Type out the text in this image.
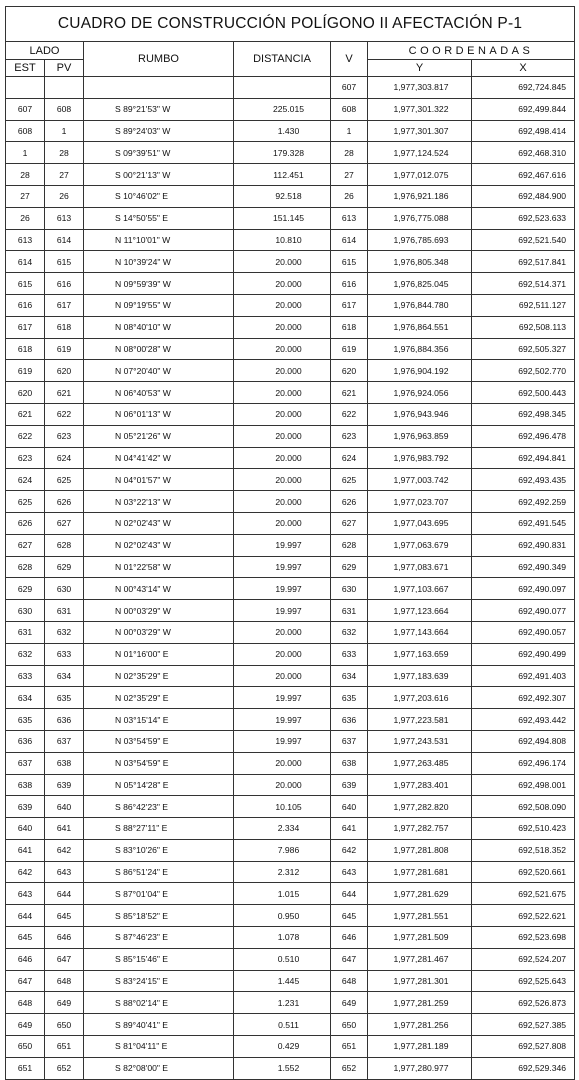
CUADRO DE CONSTRUCCIÓN POLÍGONO II AFECTACIÓN P-1						
LADO		RUMBO	DISTANCIA	V	COORDENADAS	
EST	PV				Y	X
				607	1,977,303.817	692,724.845
607	608	S 89°21'53" W	225.015	608	1,977,301.322	692,499.844
608	1	S 89°24'03" W	1.430	1	1,977,301.307	692,498.414
1	28	S 09°39'51" W	179.328	28	1,977,124.524	692,468.310
28	27	S 00°21'13" W	112.451	27	1,977,012.075	692,467.616
27	26	S 10°46'02" E	92.518	26	1,976,921.186	692,484.900
26	613	S 14°50'55" E	151.145	613	1,976,775.088	692,523.633
613	614	N 11°10'01" W	10.810	614	1,976,785.693	692,521.540
614	615	N 10°39'24" W	20.000	615	1,976,805.348	692,517.841
615	616	N 09°59'39" W	20.000	616	1,976,825.045	692,514.371
616	617	N 09°19'55" W	20.000	617	1,976,844.780	692,511.127
617	618	N 08°40'10" W	20.000	618	1,976,864.551	692,508.113
618	619	N 08°00'28" W	20.000	619	1,976,884.356	692,505.327
619	620	N 07°20'40" W	20.000	620	1,976,904.192	692,502.770
620	621	N 06°40'53" W	20.000	621	1,976,924.056	692,500.443
621	622	N 06°01'13" W	20.000	622	1,976,943.946	692,498.345
622	623	N 05°21'26" W	20.000	623	1,976,963.859	692,496.478
623	624	N 04°41'42" W	20.000	624	1,976,983.792	692,494.841
624	625	N 04°01'57" W	20.000	625	1,977,003.742	692,493.435
625	626	N 03°22'13" W	20.000	626	1,977,023.707	692,492.259
626	627	N 02°02'43" W	20.000	627	1,977,043.695	692,491.545
627	628	N 02°02'43" W	19.997	628	1,977,063.679	692,490.831
628	629	N 01°22'58" W	19.997	629	1,977,083.671	692,490.349
629	630	N 00°43'14" W	19.997	630	1,977,103.667	692,490.097
630	631	N 00°03'29" W	19.997	631	1,977,123.664	692,490.077
631	632	N 00°03'29" W	20.000	632	1,977,143.664	692,490.057
632	633	N 01°16'00" E	20.000	633	1,977,163.659	692,490.499
633	634	N 02°35'29" E	20.000	634	1,977,183.639	692,491.403
634	635	N 02°35'29" E	19.997	635	1,977,203.616	692,492.307
635	636	N 03°15'14" E	19.997	636	1,977,223.581	692,493.442
636	637	N 03°54'59" E	19.997	637	1,977,243.531	692,494.808
637	638	N 03°54'59" E	20.000	638	1,977,263.485	692,496.174
638	639	N 05°14'28" E	20.000	639	1,977,283.401	692,498.001
639	640	S 86°42'23" E	10.105	640	1,977,282.820	692,508.090
640	641	S 88°27'11" E	2.334	641	1,977,282.757	692,510.423
641	642	S 83°10'26" E	7.986	642	1,977,281.808	692,518.352
642	643	S 86°51'24" E	2.312	643	1,977,281.681	692,520.661
643	644	S 87°01'04" E	1.015	644	1,977,281.629	692,521.675
644	645	S 85°18'52" E	0.950	645	1,977,281.551	692,522.621
645	646	S 87°46'23" E	1.078	646	1,977,281.509	692,523.698
646	647	S 85°15'46" E	0.510	647	1,977,281.467	692,524.207
647	648	S 83°24'15" E	1.445	648	1,977,281.301	692,525.643
648	649	S 88°02'14" E	1.231	649	1,977,281.259	692,526.873
649	650	S 89°40'41" E	0.511	650	1,977,281.256	692,527.385
650	651	S 81°04'11" E	0.429	651	1,977,281.189	692,527.808
651	652	S 82°08'00" E	1.552	652	1,977,280.977	692,529.346
